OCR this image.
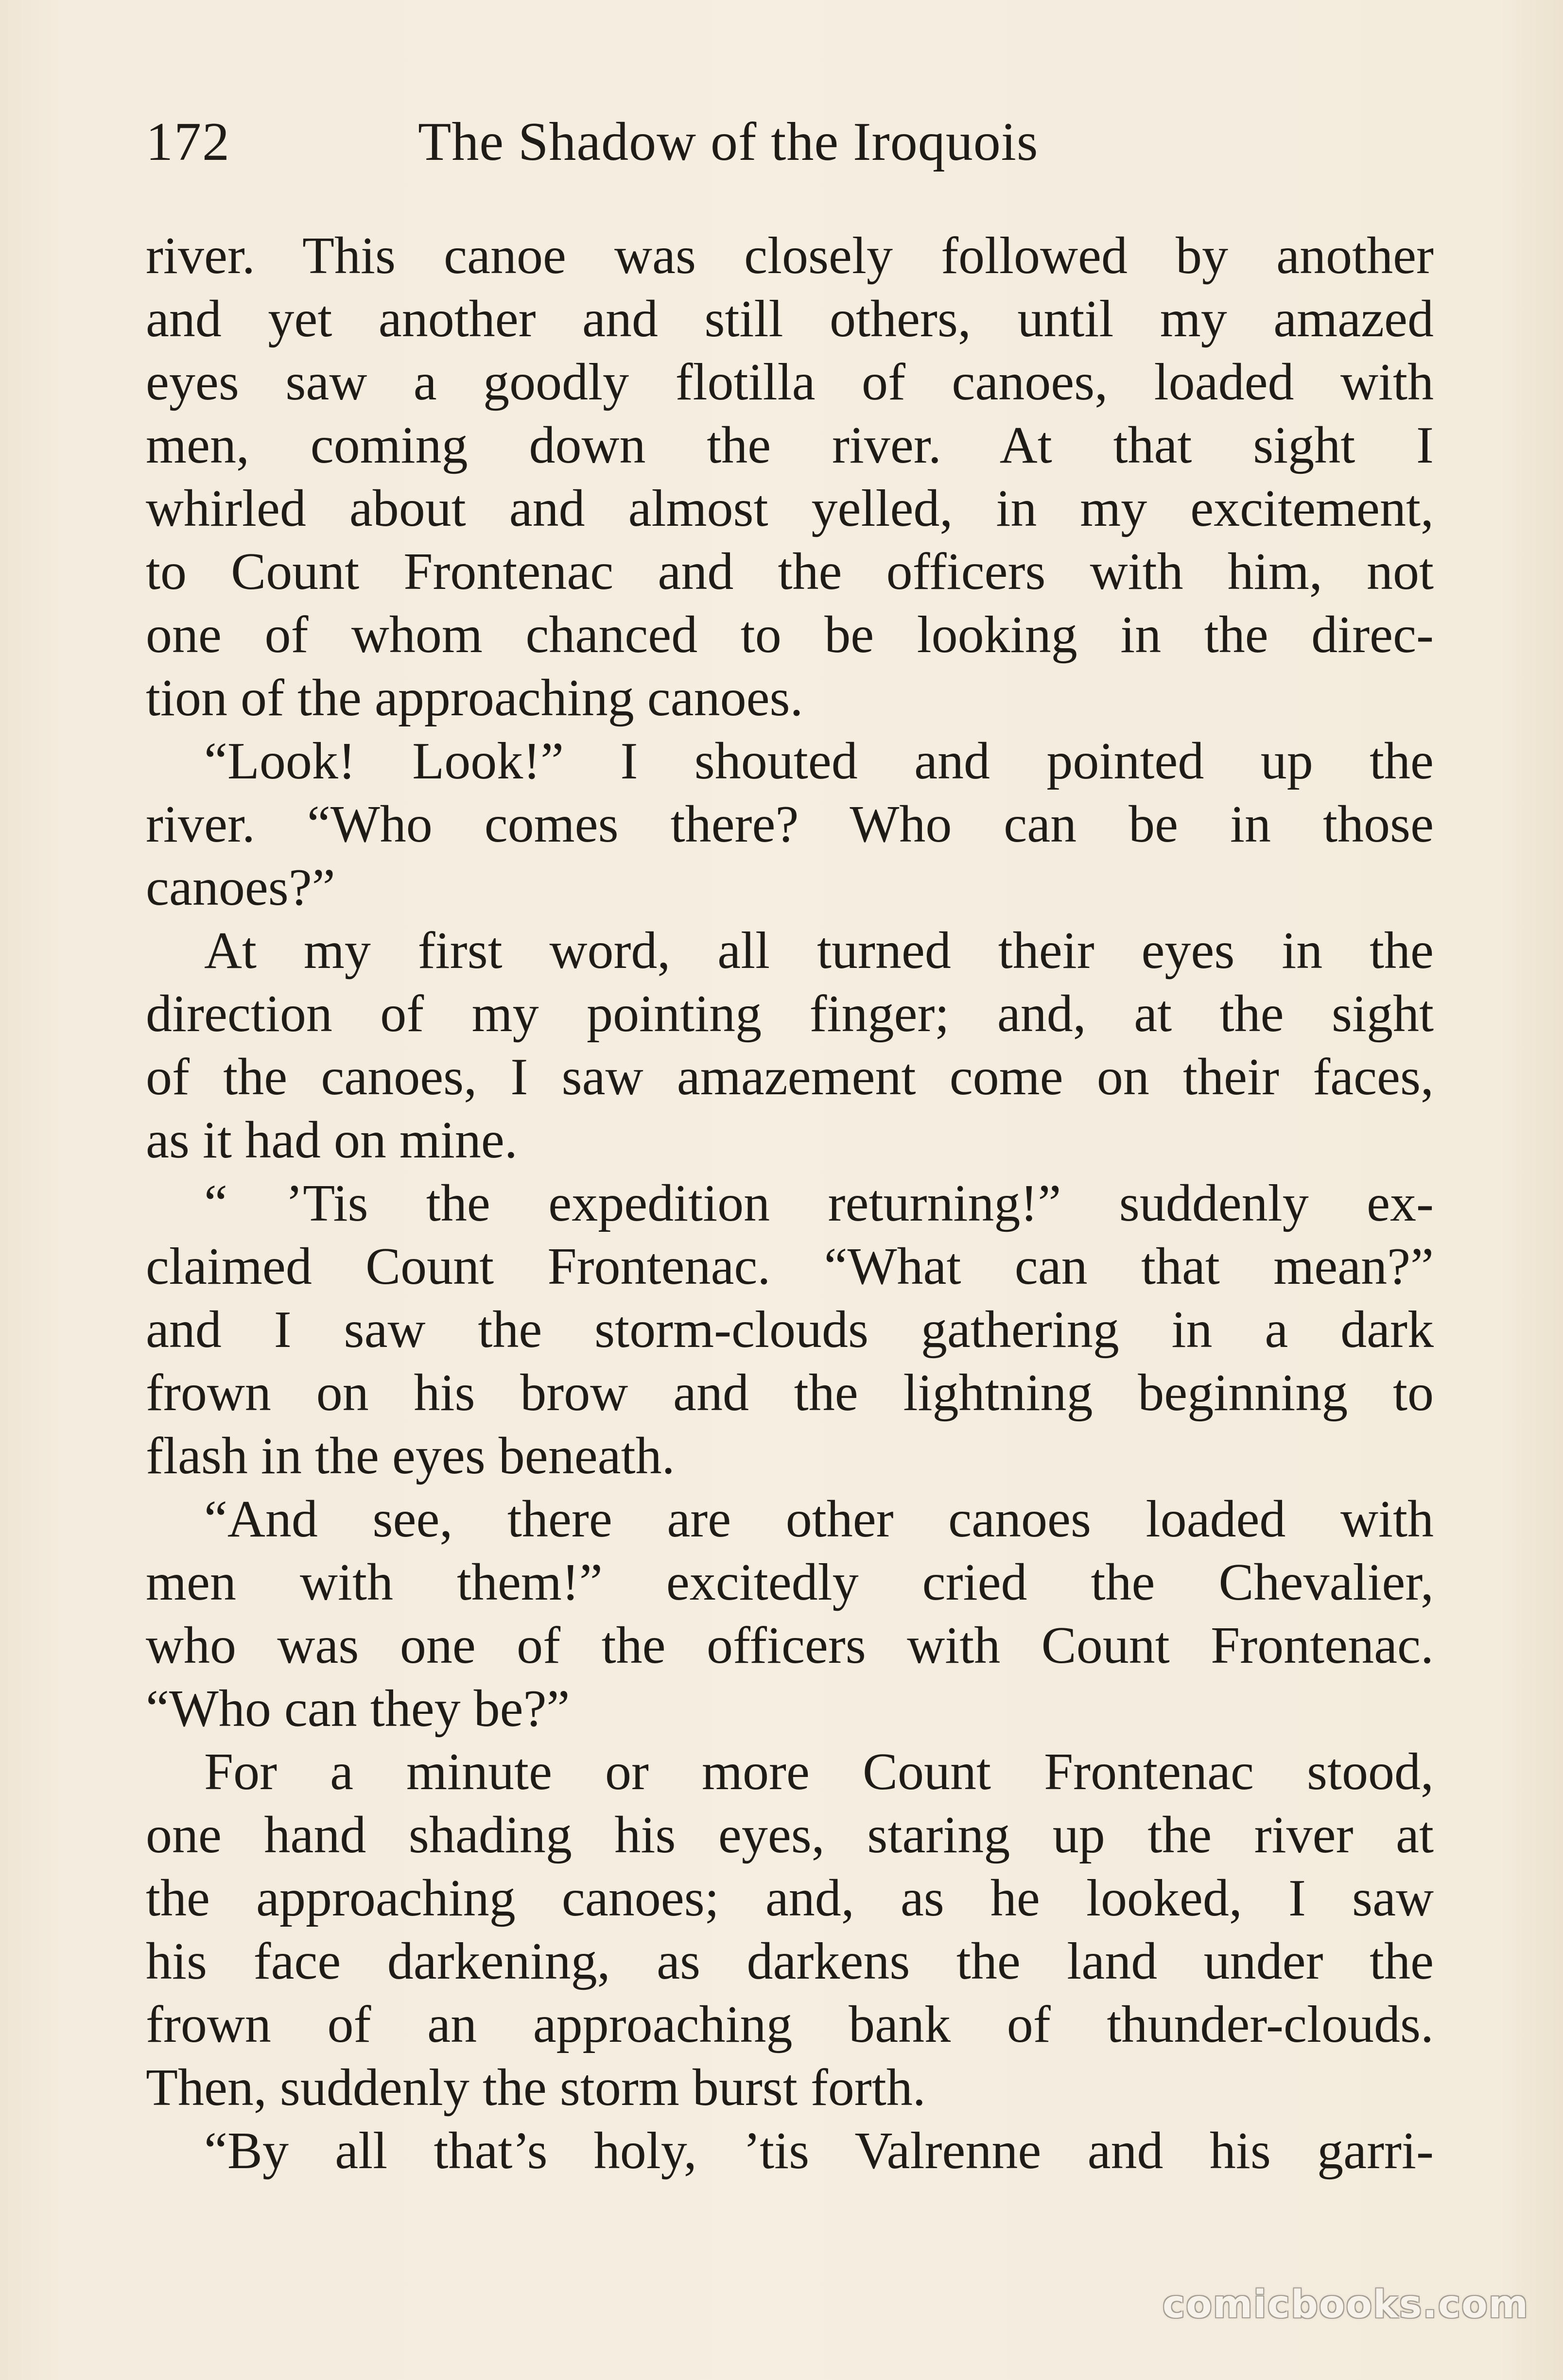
172	The Shadow of the Iroquois
river. This canoe was closely followed by another
and yet another and still others, until my amazed
eyes saw a goodly flotilla of canoes, loaded with
men, coming down the river. At that sight I
whirled about and almost yelled, in my excitement,
to Count Frontenac and the officers with him, not
one of whom chanced to be looking in the direc-
tion of the approaching canoes.
“Look! Look!” I shouted and pointed up the
river. “Who comes there? Who can be in those
canoes?”
At my first word, all turned their eyes in the
direction of my pointing finger; and, at the sight
of the canoes, I saw amazement come on their faces,
as it had on mine.
“ ’Tis the expedition returning!” suddenly ex-
claimed Count Frontenac. “What can that mean?”
and I saw the storm-clouds gathering in a dark
frown on his brow and the lightning beginning to
flash in the eyes beneath.
“And see, there are other canoes loaded with
men with them!” excitedly cried the Chevalier,
who was one of the officers with Count Frontenac.
“Who can they be?”
For a minute or more Count Frontenac stood,
one hand shading his eyes, staring up the river at
the approaching canoes; and, as he looked, I saw
his face darkening, as darkens the land under the
frown of an approaching bank of thunder-clouds.
Then, suddenly the storm burst forth.
“By all that’s holy, ’tis Valrenne and his garri-
comicbooks.com
